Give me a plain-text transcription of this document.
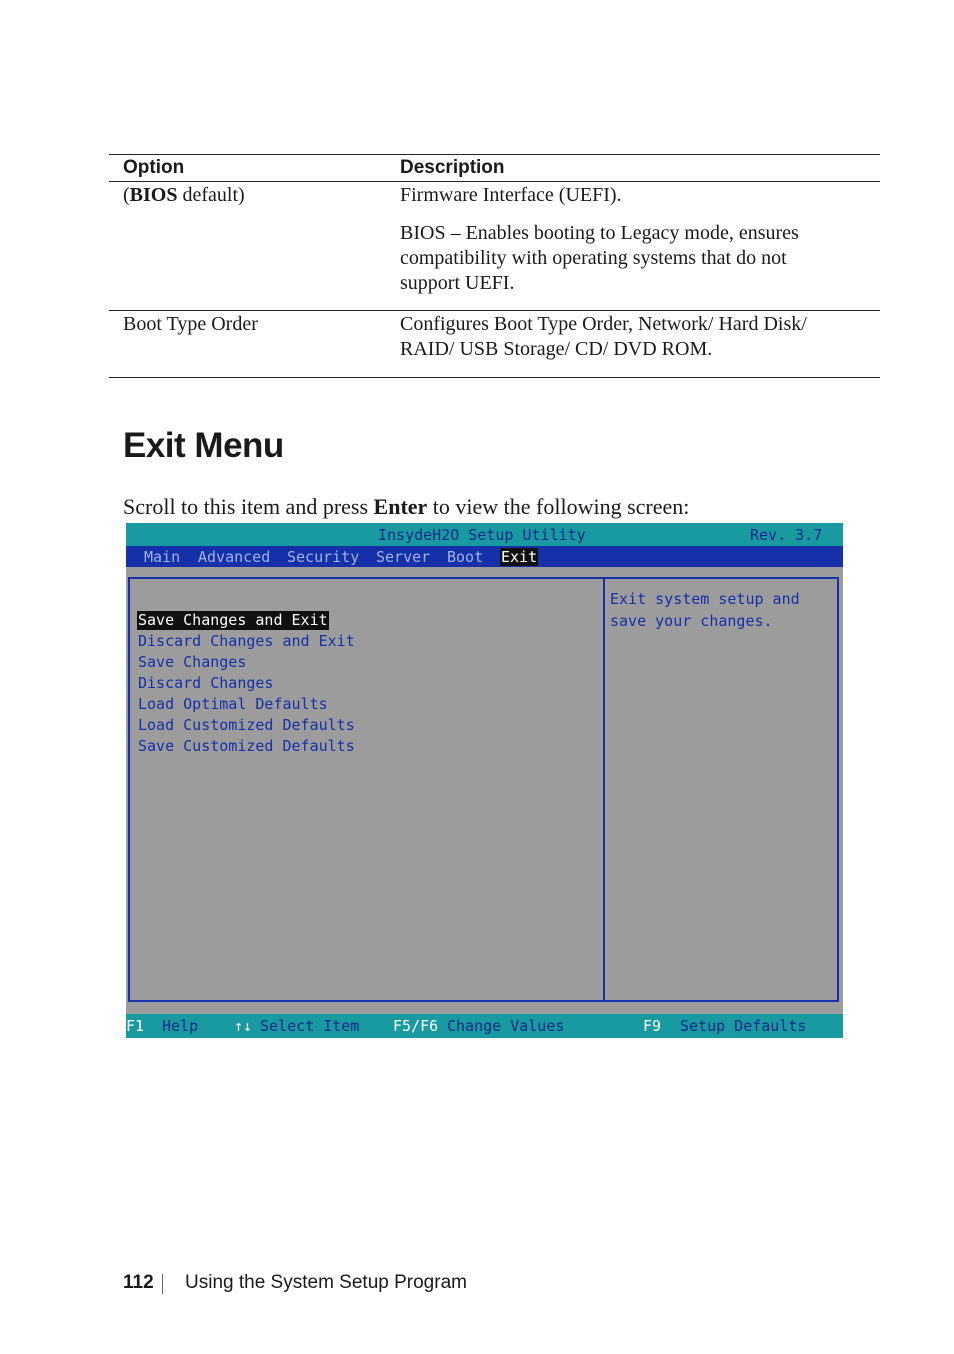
Option	Description
(BIOS default)	Firmware Interface (UEFI).

BIOS – Enables booting to Legacy mode, ensures compatibility with operating systems that do not support UEFI.

Boot Type Order	Configures Boot Type Order, Network/ Hard Disk/ RAID/ USB Storage/ CD/ DVD ROM.
Exit Menu
Scroll to this item and press Enter to view the following screen:
InsydeH2O Setup Utility	Rev. 3.7
Main Advanced Security Server Boot Exit
Save Changes and Exit
Discard Changes and Exit
Save Changes
Discard Changes
Load Optimal Defaults
Load Customized Defaults
Save Customized Defaults
Exit system setup and
save your changes.
F1 Help ↑↓ Select Item F5/F6 Change Values	F9 Setup Defaults
112 Using the System Setup Program
